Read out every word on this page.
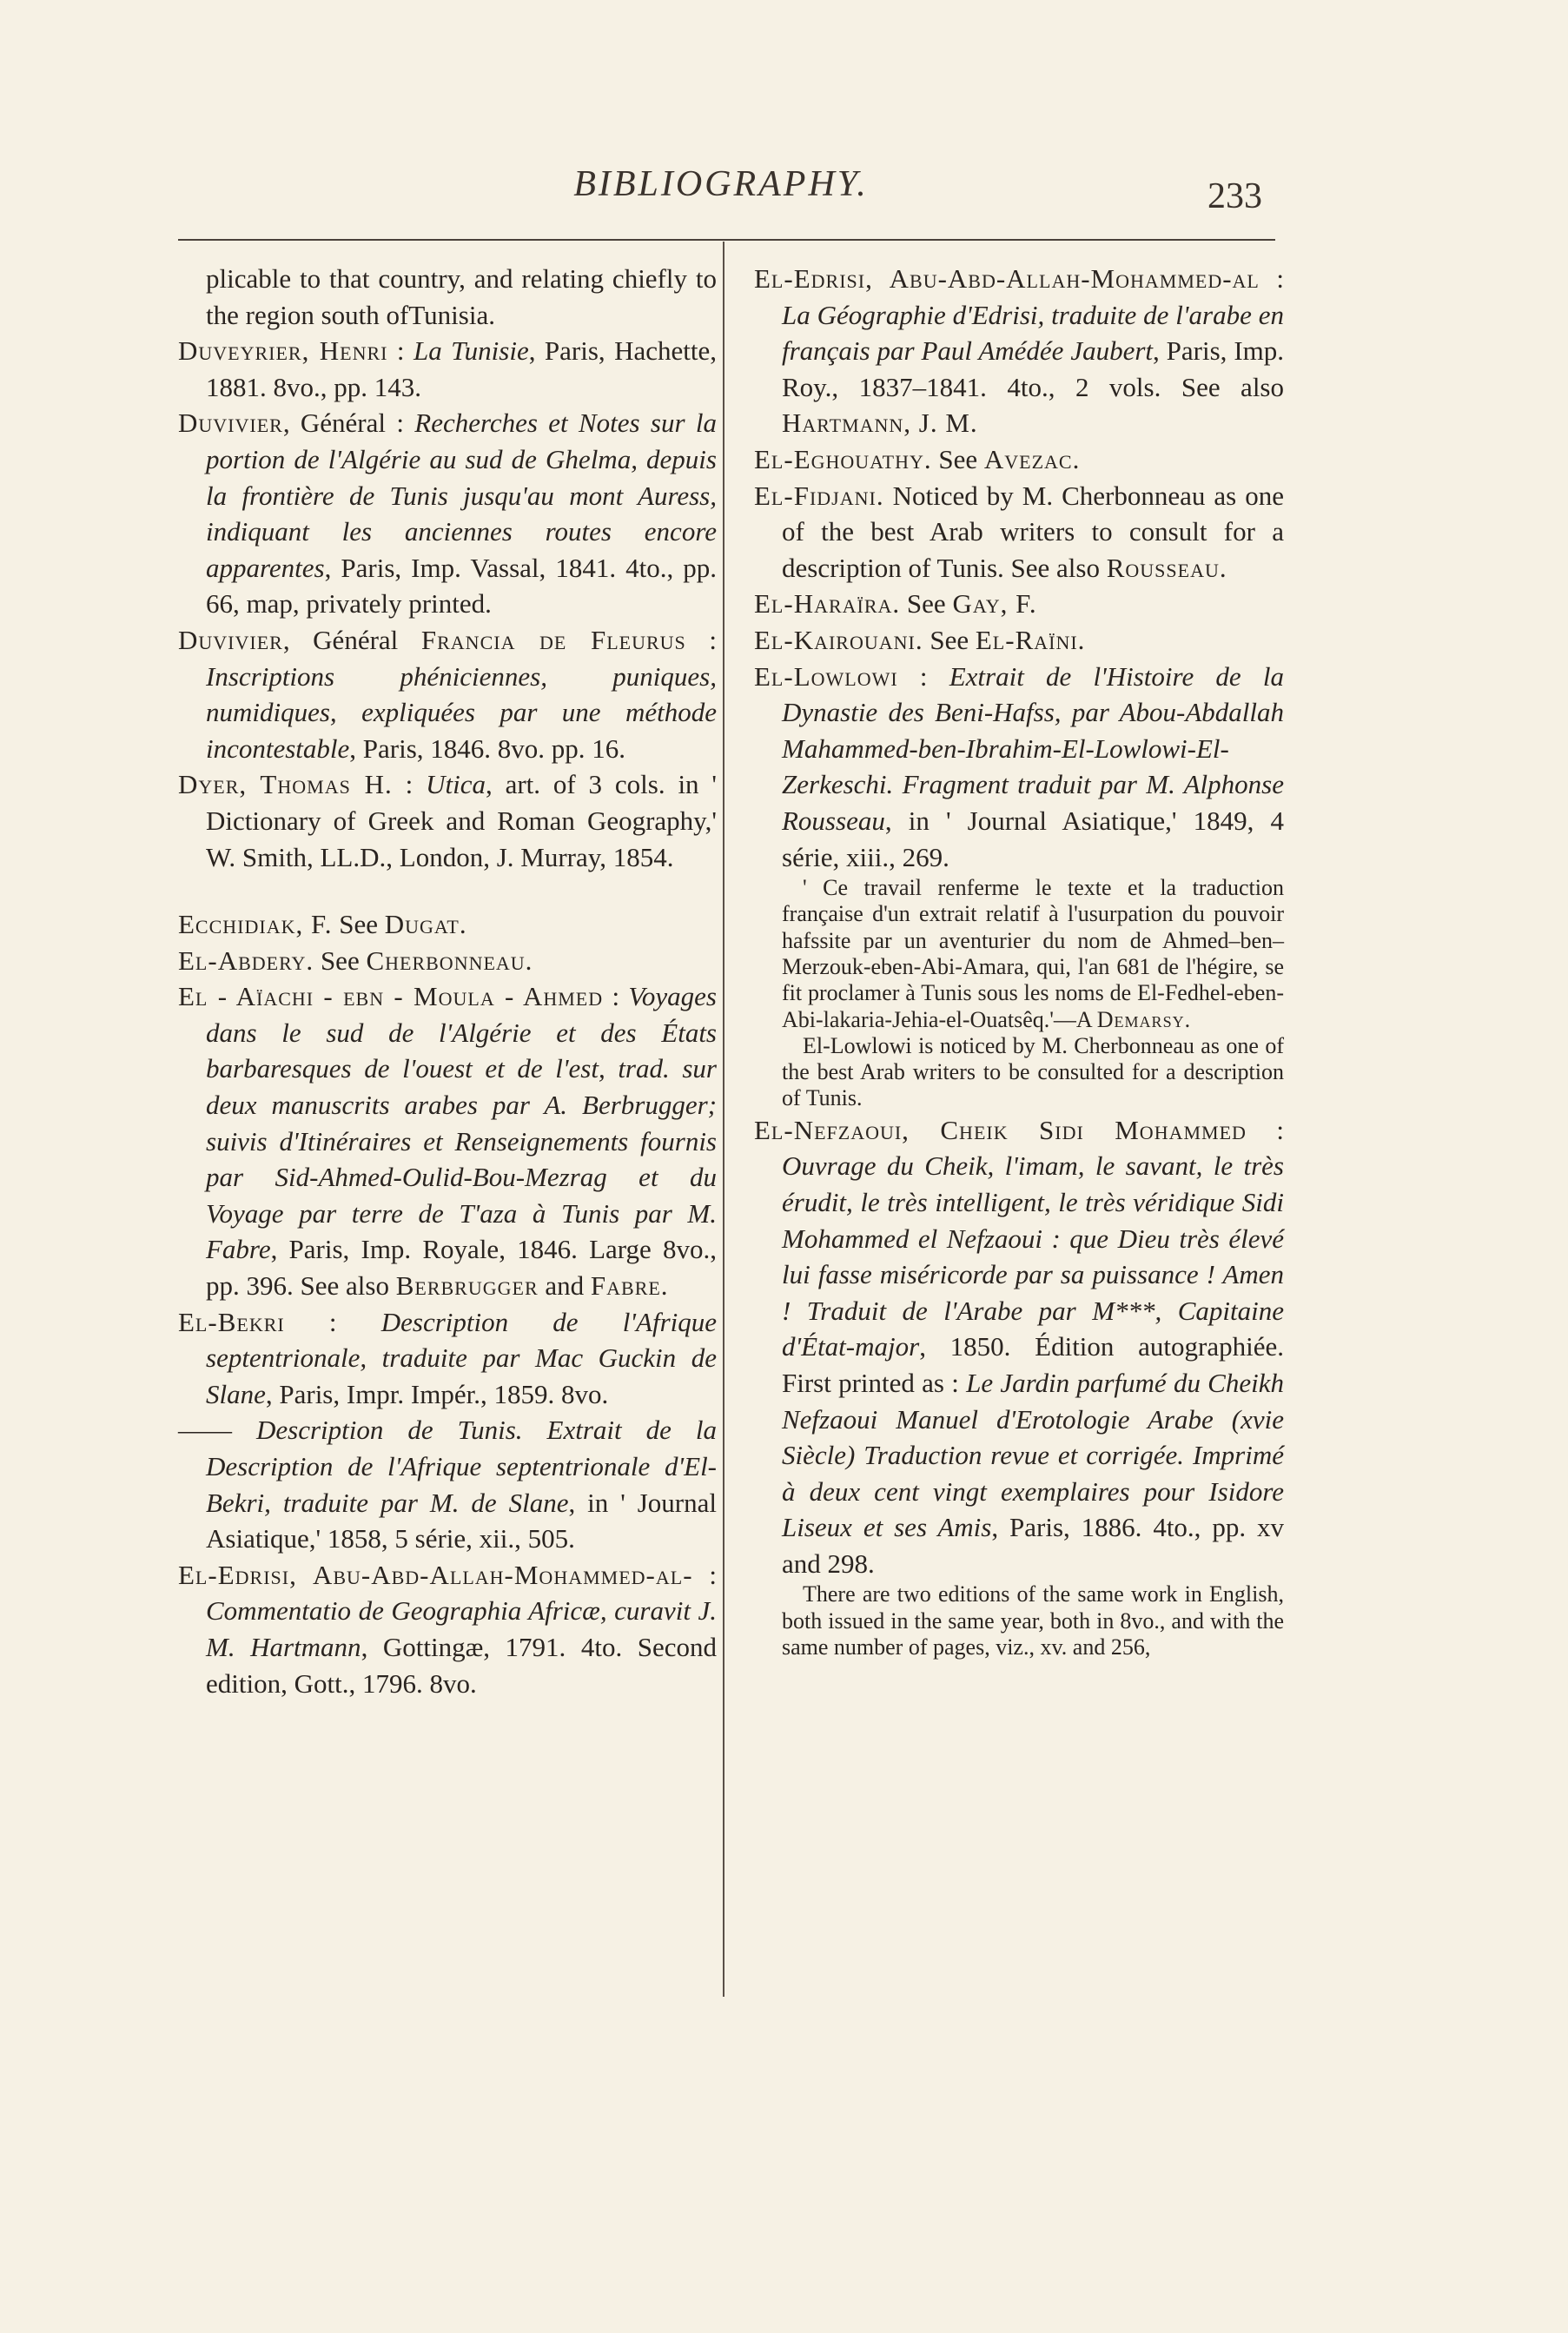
BIBLIOGRAPHY.	233

plicable to that country, and relating chiefly to the region south ofTunisia.

Duveyrier, Henri : La Tunisie, Paris, Hachette, 1881. 8vo., pp. 143.

Duvivier, Général : Recherches et Notes sur la portion de l'Algérie au sud de Ghelma, depuis la frontière de Tunis jusqu'au mont Auress, indiquant les anciennes routes encore apparentes, Paris, Imp. Vassal, 1841. 4to., pp. 66, map, privately printed.

Duvivier, Général Francia de Fleurus : Inscriptions phéniciennes, puniques, numidiques, expliquées par une méthode incontestable, Paris, 1846. 8vo. pp. 16.

Dyer, Thomas H. : Utica, art. of 3 cols. in ' Dictionary of Greek and Roman Geography,' W. Smith, LL.D., London, J. Murray, 1854.

Ecchidiak, F. See Dugat.

El-Abdery. See Cherbonneau.

El - Aïachi - ebn - Moula - Ahmed : Voyages dans le sud de l'Algérie et des États barbaresques de l'ouest et de l'est, trad. sur deux manuscrits arabes par A. Berbrugger; suivis d'Itinéraires et Renseignements fournis par Sid-Ahmed-Oulid-Bou-Mezrag et du Voyage par terre de T'aza à Tunis par M. Fabre, Paris, Imp. Royale, 1846. Large 8vo., pp. 396. See also Berbrugger and Fabre.

El-Bekri : Description de l'Afrique septentrionale, traduite par Mac Guckin de Slane, Paris, Impr. Impér., 1859. 8vo.

—— Description de Tunis. Extrait de la Description de l'Afrique septentrionale d'El-Bekri, traduite par M. de Slane, in ' Journal Asiatique,' 1858, 5 série, xii., 505.

El-Edrisi, Abu-Abd-Allah-Mohammed-al- : Commentatio de Geographia Africæ, curavit J. M. Hartmann, Gottingæ, 1791. 4to. Second edition, Gott., 1796. 8vo.

El-Edrisi, Abu-Abd-Allah-Mohammed-al : La Géographie d'Edrisi, traduite de l'arabe en français par Paul Amédée Jaubert, Paris, Imp. Roy., 1837–1841. 4to., 2 vols. See also Hartmann, J. M.

El-Eghouathy. See Avezac.

El-Fidjani. Noticed by M. Cherbonneau as one of the best Arab writers to consult for a description of Tunis. See also Rousseau.

El-Haraïra. See Gay, F.

El-Kairouani. See El-Raïni.

El-Lowlowi : Extrait de l'Histoire de la Dynastie des Beni-Hafss, par Abou-Abdallah Mahammed-ben-Ibrahim-El-Lowlowi-El-Zerkeschi. Fragment traduit par M. Alphonse Rousseau, in ' Journal Asiatique,' 1849, 4 série, xiii., 269.

' Ce travail renferme le texte et la traduction française d'un extrait relatif à l'usurpation du pouvoir hafssite par un aventurier du nom de Ahmed–ben–Merzouk-eben-Abi-Amara, qui, l'an 681 de l'hégire, se fit proclamer à Tunis sous les noms de El-Fedhel-eben-Abi-lakaria-Jehia-el-Ouatsêq.'—A Demarsy.

El-Lowlowi is noticed by M. Cherbonneau as one of the best Arab writers to be consulted for a description of Tunis.

El-Nefzaoui, Cheik Sidi Mohammed : Ouvrage du Cheik, l'imam, le savant, le très érudit, le très intelligent, le très véridique Sidi Mohammed el Nefzaoui : que Dieu très élevé lui fasse miséricorde par sa puissance ! Amen ! Traduit de l'Arabe par M***, Capitaine d'État-major, 1850. Édition autographiée. First printed as : Le Jardin parfumé du Cheikh Nefzaoui Manuel d'Erotologie Arabe (xvie Siècle) Traduction revue et corrigée. Imprimé à deux cent vingt exemplaires pour Isidore Liseux et ses Amis, Paris, 1886. 4to., pp. xv and 298.

There are two editions of the same work in English, both issued in the same year, both in 8vo., and with the same number of pages, viz., xv. and 256,
